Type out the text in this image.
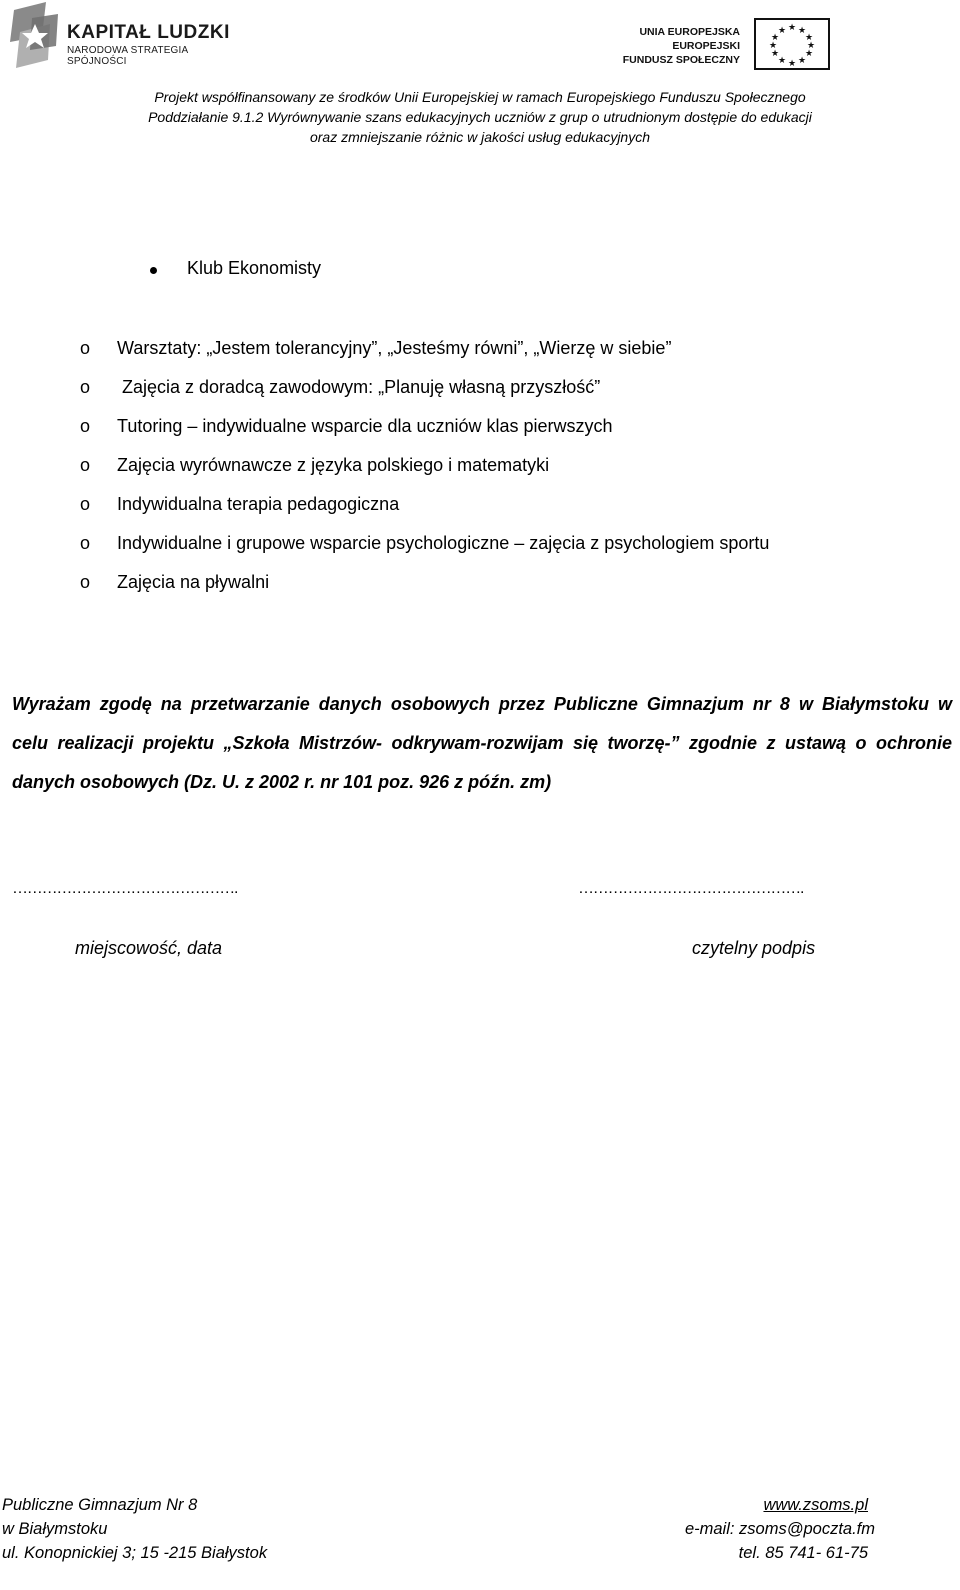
KAPITAŁ LUDZKI
NARODOWA STRATEGIA SPÓJNOŚCI
UNIA EUROPEJSKA
EUROPEJSKI
FUNDUSZ SPOŁECZNY
★ ★
★
★
★
★
★
★
★
★
★
★
Projekt współfinansowany ze środków Unii Europejskiej w ramach Europejskiego Funduszu Społecznego
Poddziałanie 9.1.2 Wyrównywanie szans edukacyjnych uczniów z grup o utrudnionym dostępie do edukacji
oraz zmniejszanie różnic w jakości usług edukacyjnych
Klub Ekonomisty
o Warsztaty: „Jestem tolerancyjny”, „Jesteśmy równi”, „Wierzę w siebie”
o Zajęcia z doradcą zawodowym: „Planuję własną przyszłość”
o Tutoring – indywidualne wsparcie dla uczniów klas pierwszych
o Zajęcia wyrównawcze z języka polskiego i matematyki
o Indywidualna terapia pedagogiczna
o Indywidualne i grupowe wsparcie psychologiczne – zajęcia z psychologiem sportu
o Zajęcia na pływalni
Wyrażam zgodę na przetwarzanie danych osobowych przez Publiczne Gimnazjum nr 8 w Białymstoku w
celu realizacji projektu „Szkoła Mistrzów- odkrywam-rozwijam się tworzę-” zgodnie z ustawą o ochronie
danych osobowych (Dz. U. z 2002 r. nr 101 poz. 926 z późn. zm)
……………………………………….	……………………………………….
miejscowość, data	czytelny podpis
Publiczne Gimnazjum Nr 8
w Białymstoku
ul. Konopnickiej 3; 15 -215 Białystok
www.zsoms.pl
e-mail: zsoms@poczta.fm
tel. 85 741- 61-75
